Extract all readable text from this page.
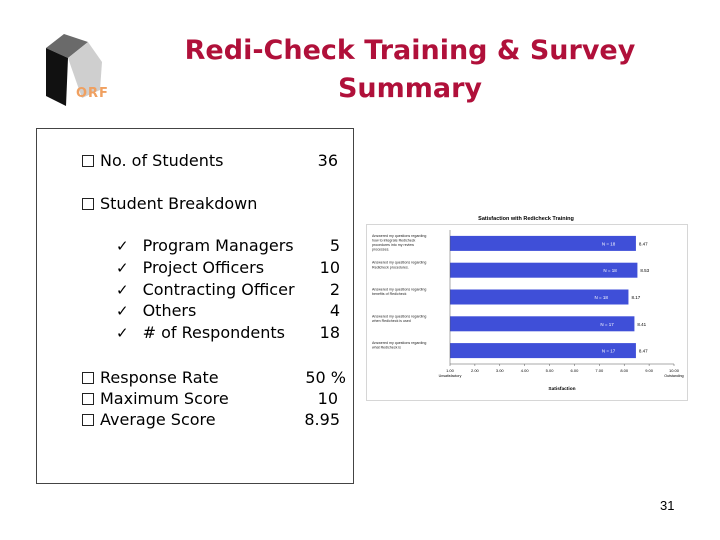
ORF
Redi-Check Training & Survey
Summary
No. of Students	36
Student Breakdown
✓ Program Managers	5
✓ Project Officers	10
✓ Contracting Officer	2
✓ Others	4
✓ # of Respondents	18
Response Rate	50 %
Maximum Score	10
Average Score	8.95
Satisfaction with Redicheck Training
N = 18	8.47
Answered my questions regarding how to integrate Redicheck procedures into my review processes.
N = 18	8.53
Answered my questions regarding Redicheck procedures.
N = 18	8.17
Answered my questions regarding benefits of Redicheck
N = 17	8.41
Answered my questions regarding when Redicheck is used
N = 17	8.47
Answered my questions regarding what Redicheck is
1.00	2.00	3.00	4.00	5.00	6.00	7.00	8.00	9.00	10.00
Unsatisfactory	Outstanding
Satisfaction
31
